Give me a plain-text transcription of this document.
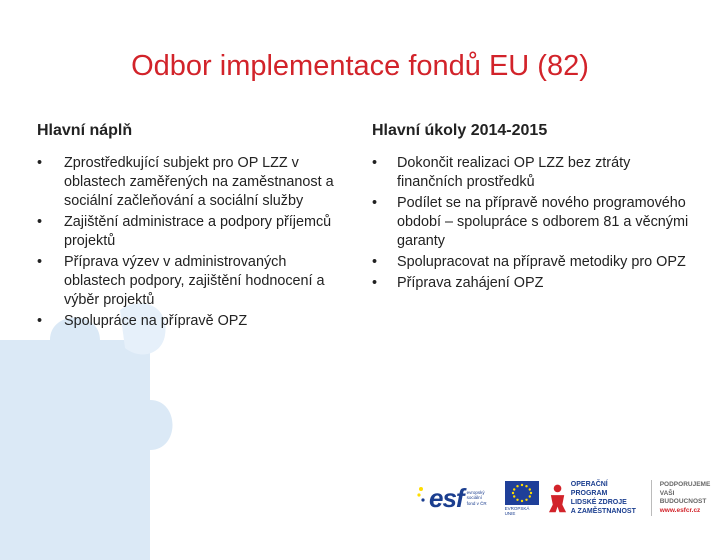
Odbor implementace fondů EU (82)
Hlavní náplň
• Zprostředkující subjekt pro OP LZZ v oblastech zaměřených na zaměstnanost a sociální začleňování a sociální služby
• Zajištění administrace a podpory příjemců projektů
• Příprava výzev v administrovaných oblastech podpory, zajištění hodnocení a výběr projektů
• Spolupráce na přípravě OPZ
Hlavní úkoly 2014-2015
• Dokončit realizaci OP LZZ bez ztráty finančních prostředků
• Podílet se na přípravě nového programového období – spolupráce s odborem 81 a věcnými garanty
• Spolupracovat na přípravě metodiky pro OPZ
• Příprava zahájení OPZ
esf evropský
sociální
fond v ČR
EVROPSKÁ UNIE
OPERAČNÍ PROGRAM
LIDSKÉ ZDROJE
A ZAMĚSTNANOST
PODPORUJEME
VAŠI BUDOUCNOST
www.esfcr.cz
